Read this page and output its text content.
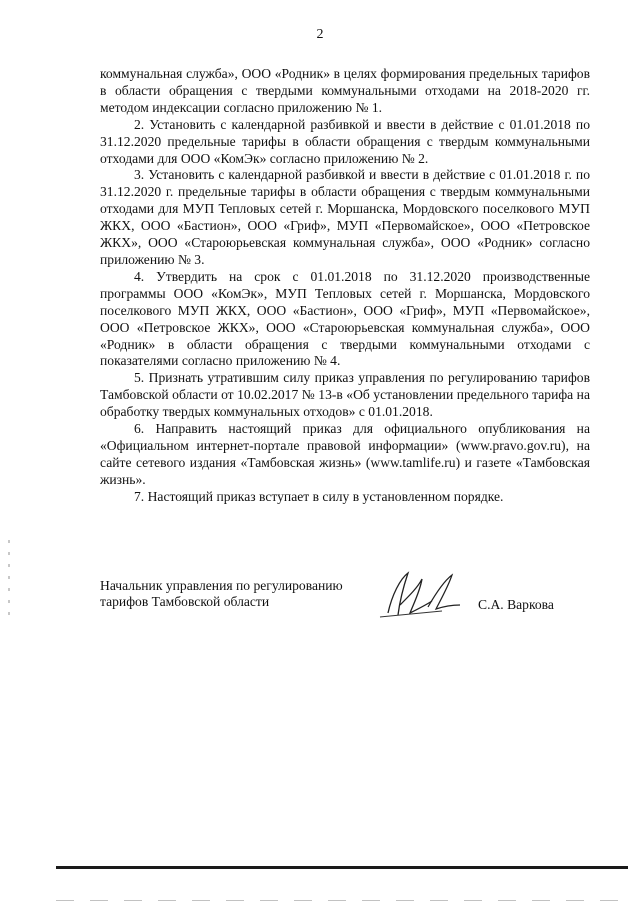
2

коммунальная служба», ООО «Родник» в целях формирования предельных тарифов в области обращения с твердыми коммунальными отходами на 2018-2020 гг. методом индексации согласно приложению № 1.

2. Установить с календарной разбивкой и ввести в действие с 01.01.2018 по 31.12.2020 предельные тарифы в области обращения с твердым коммунальными отходами для ООО «КомЭк» согласно приложению № 2.

3. Установить с календарной разбивкой и ввести в действие с 01.01.2018 г. по 31.12.2020 г. предельные тарифы в области обращения с твердым коммунальными отходами для МУП Тепловых сетей г. Моршанска, Мордовского поселкового МУП ЖКХ, ООО «Бастион», ООО «Гриф», МУП «Первомайское», ООО «Петровское ЖКХ», ООО «Староюрьевская коммунальная служба», ООО «Родник» согласно приложению № 3.

4. Утвердить на срок с 01.01.2018 по 31.12.2020 производственные программы ООО «КомЭк», МУП Тепловых сетей г. Моршанска, Мордовского поселкового МУП ЖКХ, ООО «Бастион», ООО «Гриф», МУП «Первомайское», ООО «Петровское ЖКХ», ООО «Староюрьевская коммунальная служба», ООО «Родник» в области обращения с твердыми коммунальными отходами с показателями согласно приложению № 4.

5. Признать утратившим силу приказ управления по регулированию тарифов Тамбовской области от 10.02.2017 № 13-в «Об установлении предельного тарифа на обработку твердых коммунальных отходов» с 01.01.2018.

6. Направить настоящий приказ для официального опубликования на «Официальном интернет-портале правовой информации» (www.pravo.gov.ru), на сайте сетевого издания «Тамбовская жизнь» (www.tamlife.ru) и газете «Тамбовская жизнь».

7. Настоящий приказ вступает в силу в установленном порядке.

Начальник управления по регулированию
тарифов Тамбовской области	С.А. Варкова
